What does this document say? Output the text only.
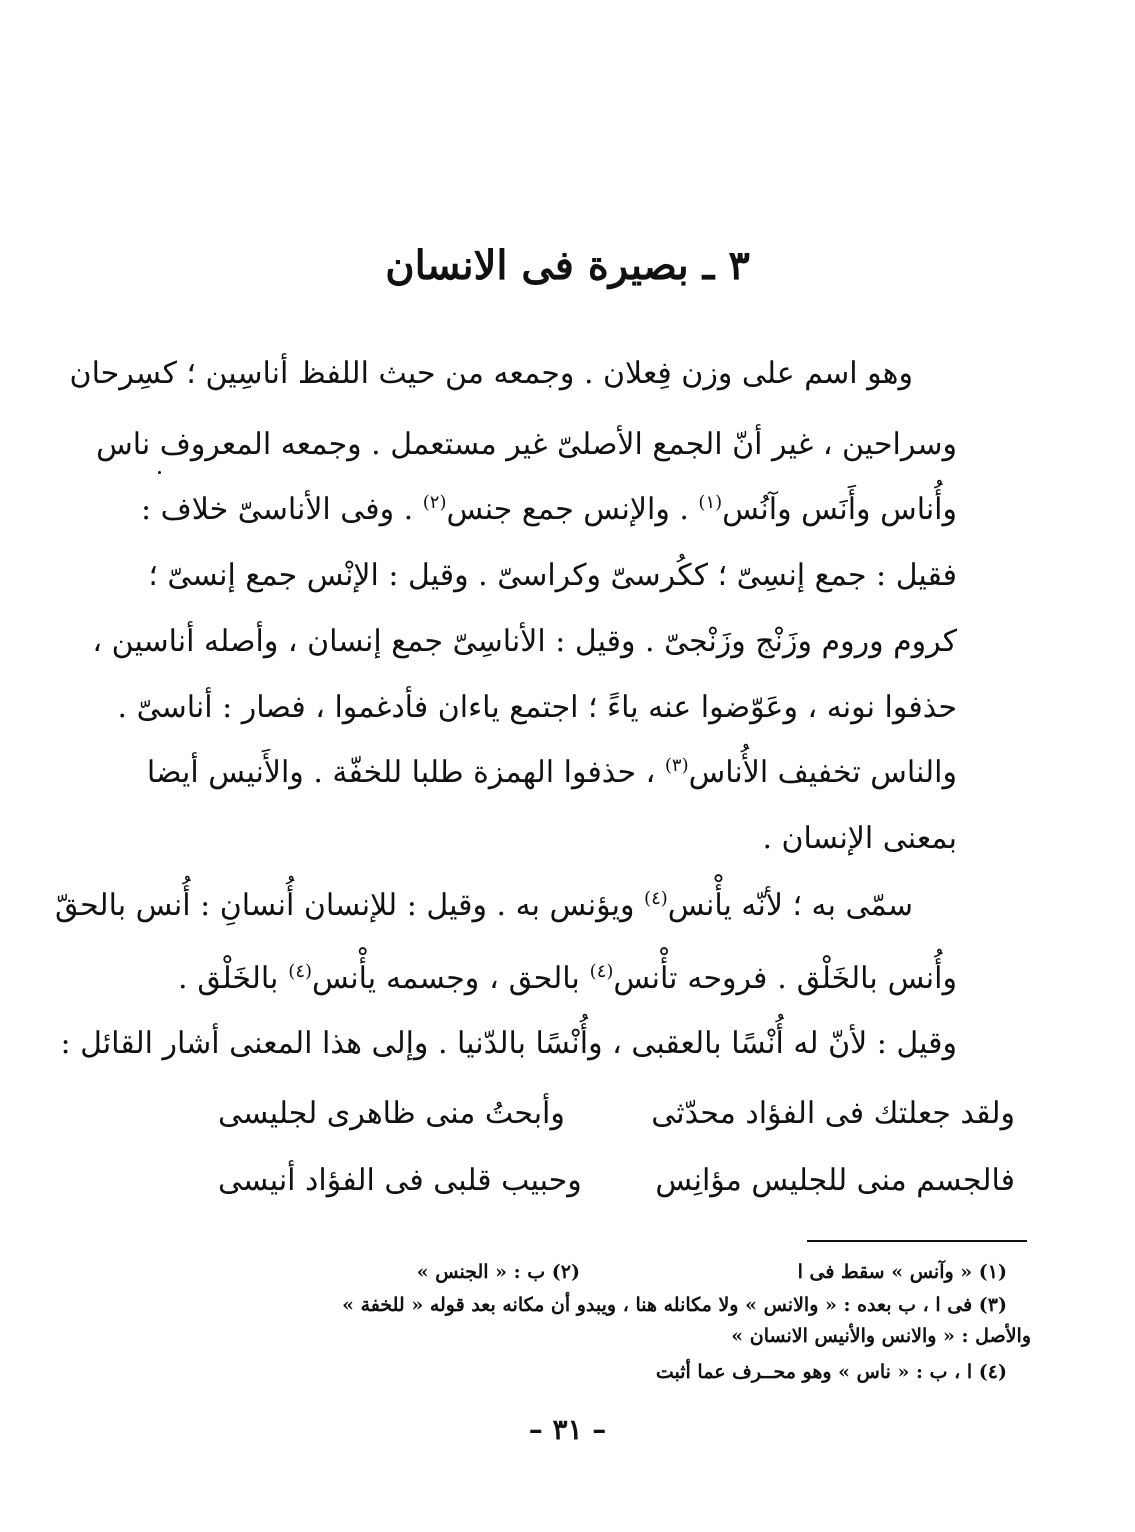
٣ ـ بصيرة فى الانسان
وهو اسم على وزن فِعلان . وجمعه من حيث اللفظ أناسِين ؛ كسِرحان
وسراحين ، غير أنّ الجمع الأصلىّ غير مستعمل . وجمعه المعروف ناس
وأُناس وأَنَس وآنُس$^{(١)}$ . والإنس جمع جنس$^{(٢)}$ . وفى الأناسىّ خلاف :
فقيل : جمع إنسِىّ ؛ ككُرسىّ وكراسىّ . وقيل : الإنْس جمع إنسىّ ؛
كروم وروم وزَنْج وزَنْجىّ . وقيل : الأناسِىّ جمع إنسان ، وأصله أناسين ،
حذفوا نونه ، وعَوّضوا عنه ياءً ؛ اجتمع ياءان فأدغموا ، فصار : أناسىّ .
والناس تخفيف الأُناس$^{(٣)}$ ، حذفوا الهمزة طلبا للخفّة . والأَنيس أيضا
بمعنى الإنسان .
سمّى به ؛ لأنّه يأْنس$^{(٤)}$ ويؤنس به . وقيل : للإنسان أُنسانِ : أُنس بالحقّ
وأُنس بالخَلْق . فروحه تأْنس$^{(٤)}$ بالحق ، وجسمه يأْنس$^{(٤)}$ بالخَلْق .
وقيل : لأنّ له أُنْسًا بالعقبى ، وأُنْسًا بالدّنيا . وإلى هذا المعنى أشار القائل :
ولقد جعلتك فى الفؤاد محدّثى
وأبحتُ منى ظاهرى لجليسى
فالجسم منى للجليس مؤانِس
وحبيب قلبى فى الفؤاد أنيسى
(١) « وآنس » سقط فى ا
(٢) ب : « الجنس »
(٣) فى ا ، ب بعده : « والانس » ولا مكانله هنا ، ويبدو أن مكانه بعد قوله « للخفة »
والأصل : « والانس والأنيس الانسان »
(٤) ا ، ب : « ناس » وهو محــرف عما أثبت
– ٣١ –
